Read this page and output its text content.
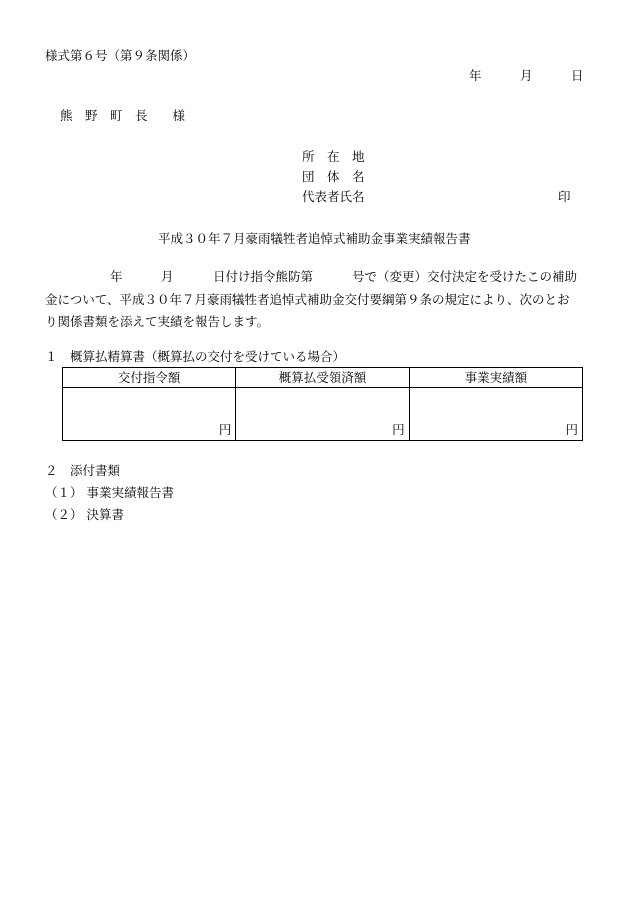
様式第６号（第９条関係）
年	月	日
熊　野　町　長　　様
所　在　地
団　体　名
代表者氏名	印
平成３０年７月豪雨犠牲者追悼式補助金事業実績報告書
年	月	日付け指令熊防第	号で（変更）交付決定を受けたこの補助
金について、平成３０年７月豪雨犠牲者追悼式補助金交付要綱第９条の規定により、次のとお
り関係書類を添えて実績を報告します。
１　概算払精算書（概算払の交付を受けている場合）
交付指令額	概算払受領済額	事業実績額
円	円	円
２　添付書類
（１） 事業実績報告書
（２） 決算書
